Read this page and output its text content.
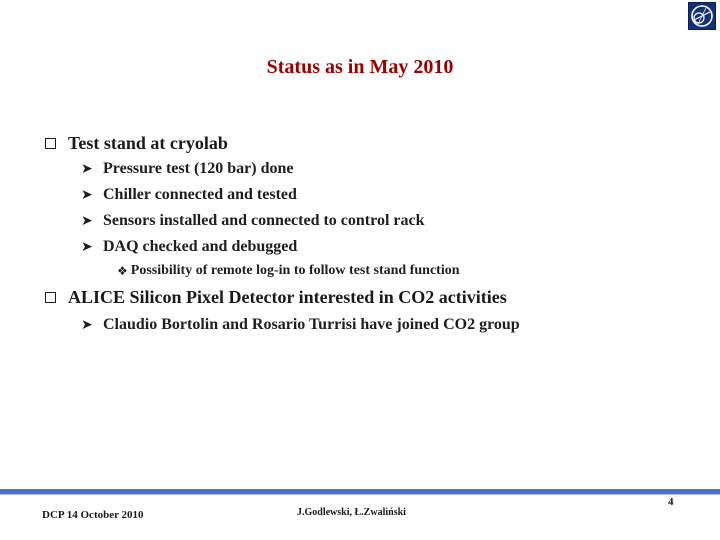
Status as in May 2010
Test stand at cryolab
➤ Pressure test (120 bar) done
➤ Chiller connected and tested
➤ Sensors installed and connected to control rack
➤ DAQ checked and debugged
❖ Possibility of remote log-in to follow test stand function
ALICE Silicon Pixel Detector interested in CO2 activities
➤ Claudio Bortolin and Rosario Turrisi have joined CO2 group
DCP 14 October 2010	J.Godlewski, Ł.Zwaliński
4
